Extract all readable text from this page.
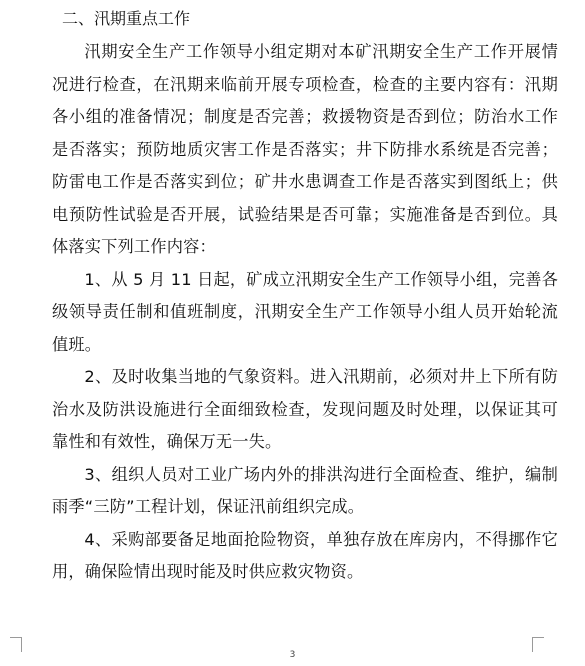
二、汛期重点工作

汛期安全生产工作领导小组定期对本矿汛期安全生产工作开展情况进行检查，在汛期来临前开展专项检查，检查的主要内容有：汛期各小组的准备情况；制度是否完善；救援物资是否到位；防治水工作是否落实；预防地质灾害工作是否落实；井下防排水系统是否完善；防雷电工作是否落实到位；矿井水患调查工作是否落实到图纸上；供电预防性试验是否开展，试验结果是否可靠；实施准备是否到位。具体落实下列工作内容：

1、从 5 月 11 日起，矿成立汛期安全生产工作领导小组，完善各级领导责任制和值班制度，汛期安全生产工作领导小组人员开始轮流值班。

2、及时收集当地的气象资料。进入汛期前，必须对井上下所有防治水及防洪设施进行全面细致检查，发现问题及时处理，以保证其可靠性和有效性，确保万无一失。

3、组织人员对工业广场内外的排洪沟进行全面检查、维护，编制雨季“三防”工程计划，保证汛前组织完成。

4、采购部要备足地面抢险物资，单独存放在库房内，不得挪作它用，确保险情出现时能及时供应救灾物资。

3
